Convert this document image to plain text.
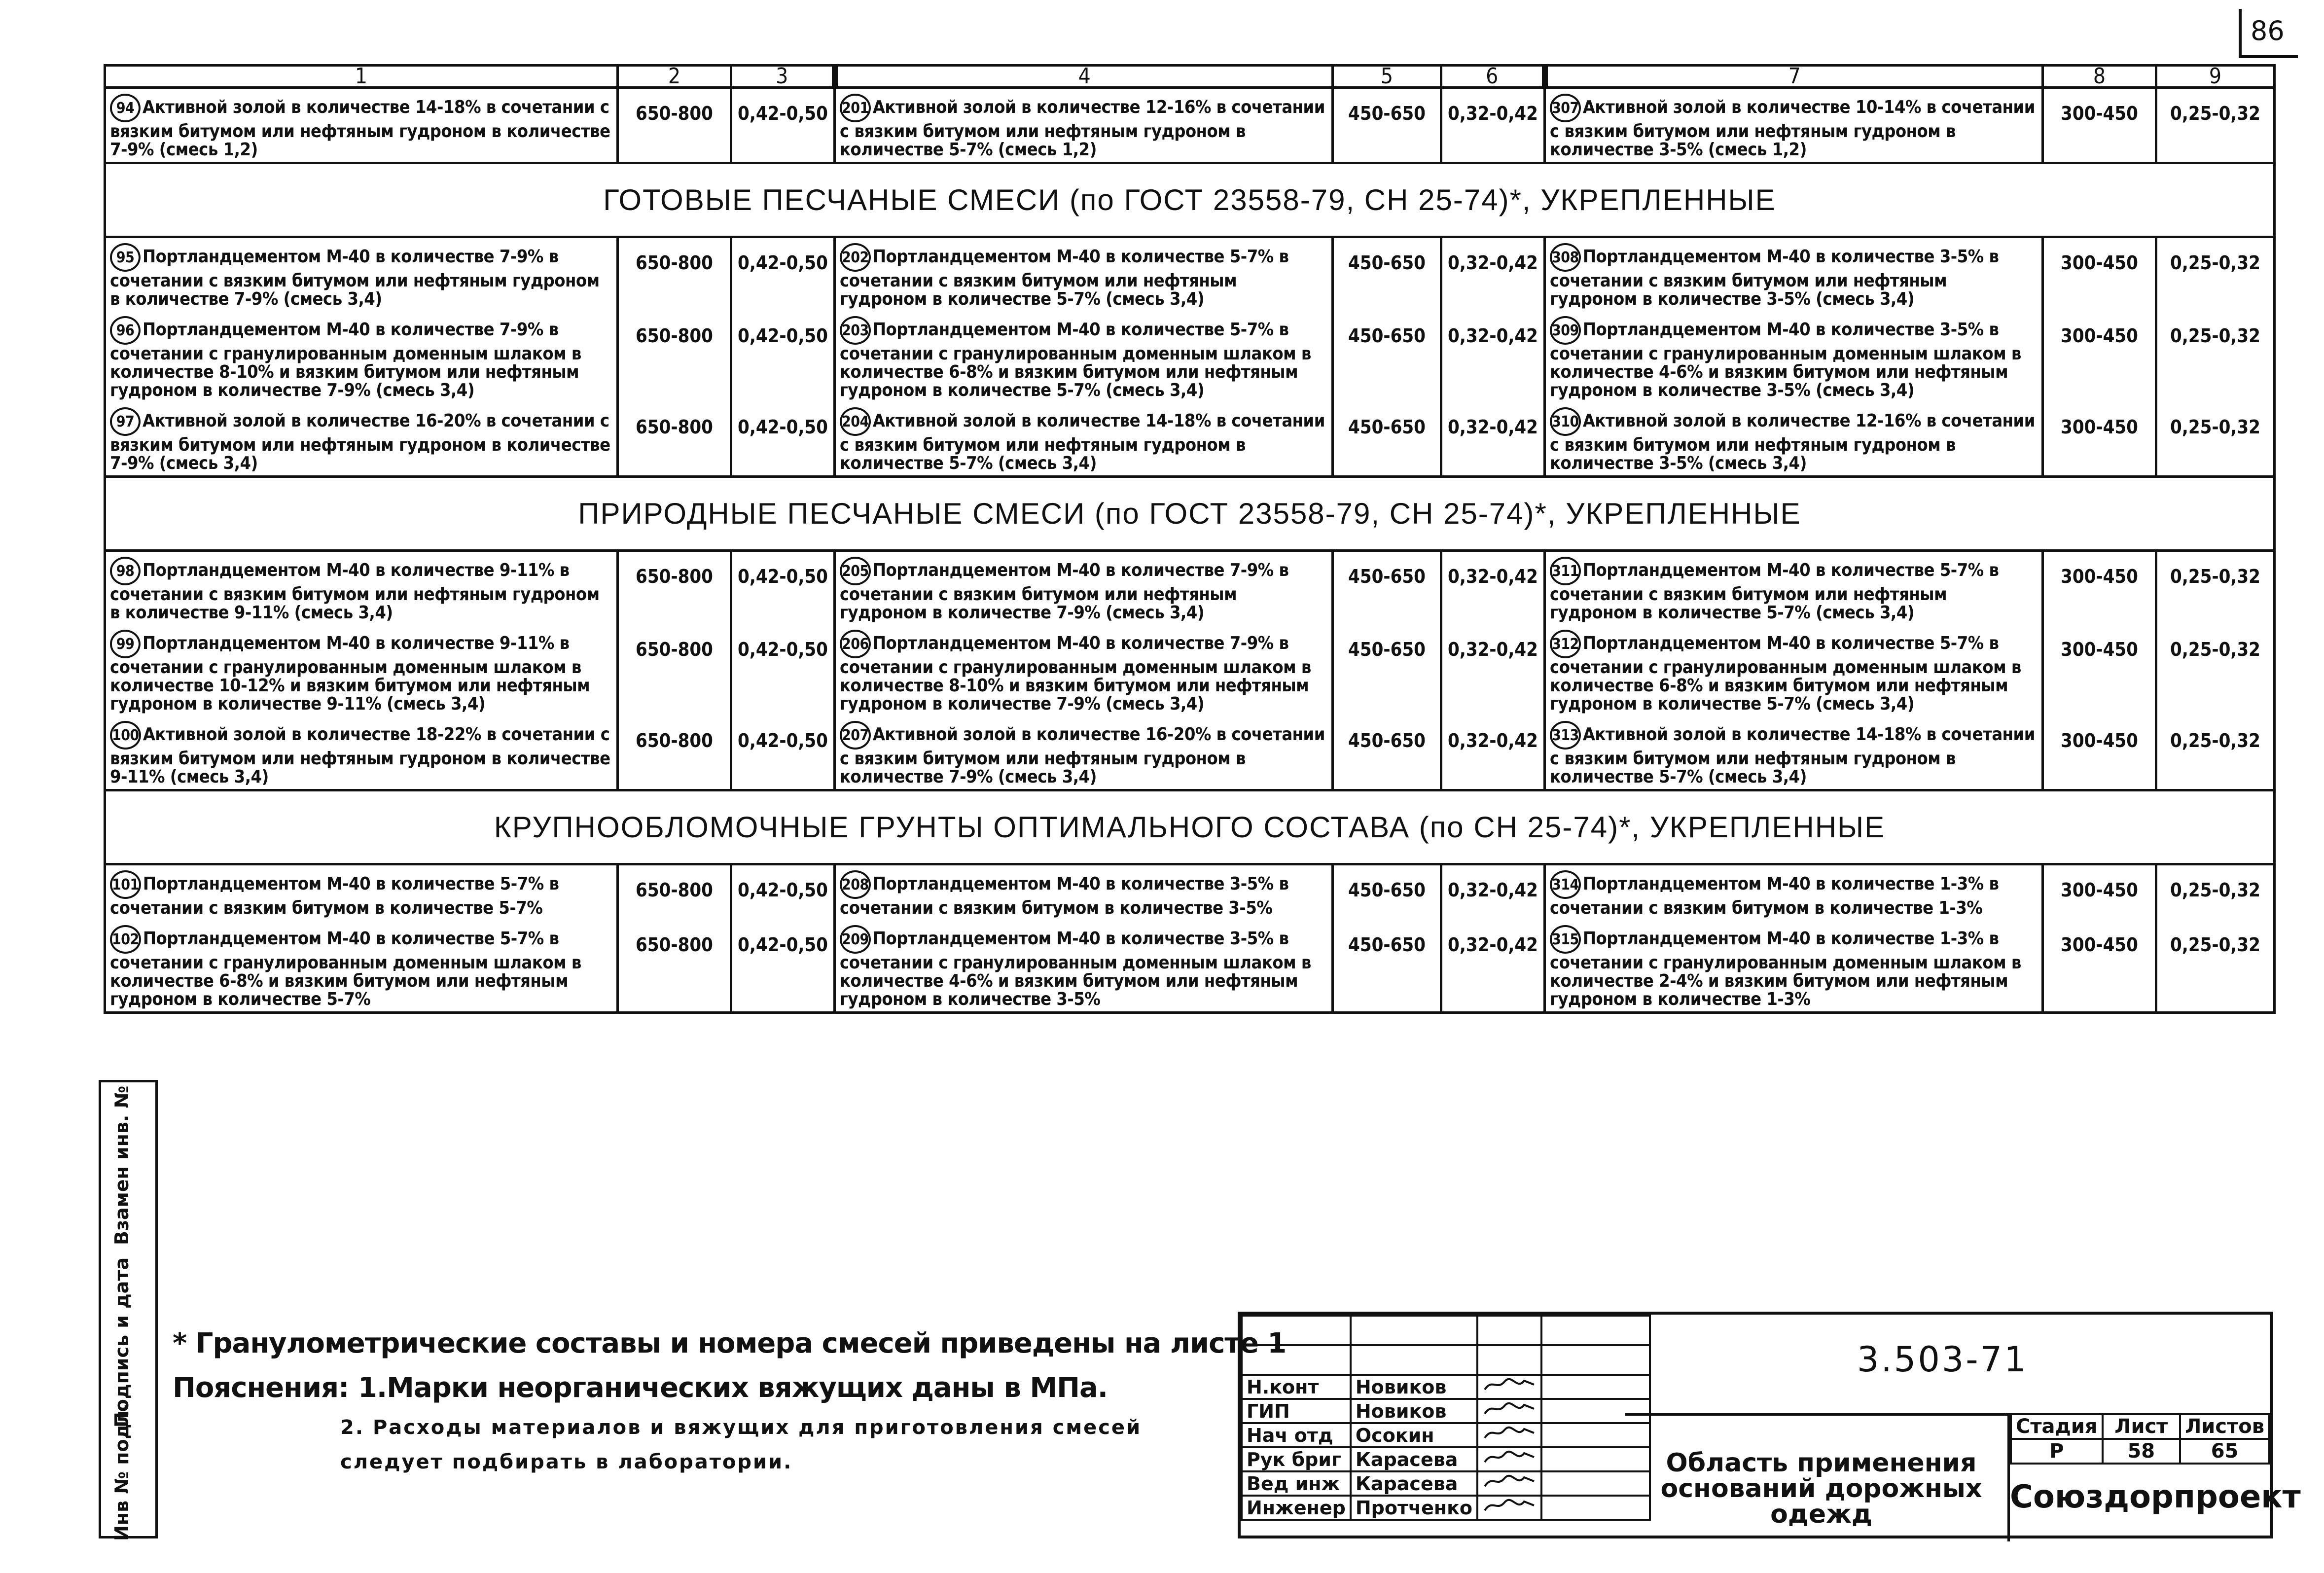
86
1	2	3	4	5	6	7	8	9
94 Активной золой в количестве 14-18% в сочетании с вязким битумом или нефтяным гудроном в количестве 7-9% (смесь 1,2)	650-800	0,42-0,50	201 Активной золой в количестве 12-16% в сочетании с вязким битумом или нефтяным гудроном в количестве 5-7% (смесь 1,2)	450-650	0,32-0,42	307 Активной золой в количестве 10-14% в сочетании с вязким битумом или нефтяным гудроном в количестве 3-5% (смесь 1,2)	300-450	0,25-0,32
ГОТОВЫЕ ПЕСЧАНЫЕ СМЕСИ (по ГОСТ 23558-79, СН 25-74)*, УКРЕПЛЕННЫЕ								
95 Портландцементом М-40 в количестве 7-9% в сочетании с вязким битумом или нефтяным гудроном в количестве 7-9% (смесь 3,4)	650-800	0,42-0,50	202 Портландцементом М-40 в количестве 5-7% в сочетании с вязким битумом или нефтяным гудроном в количестве 5-7% (смесь 3,4)	450-650	0,32-0,42	308 Портландцементом М-40 в количестве 3-5% в сочетании с вязким битумом или нефтяным гудроном в количестве 3-5% (смесь 3,4)	300-450	0,25-0,32
96 Портландцементом М-40 в количестве 7-9% в сочетании с гранулированным доменным шлаком в количестве 8-10% и вязким битумом или нефтяным гудроном в количестве 7-9% (смесь 3,4)	650-800	0,42-0,50	203 Портландцементом М-40 в количестве 5-7% в сочетании с гранулированным доменным шлаком в количестве 6-8% и вязким битумом или нефтяным гудроном в количестве 5-7% (смесь 3,4)	450-650	0,32-0,42	309 Портландцементом М-40 в количестве 3-5% в сочетании с гранулированным доменным шлаком в количестве 4-6% и вязким битумом или нефтяным гудроном в количестве 3-5% (смесь 3,4)	300-450	0,25-0,32
97 Активной золой в количестве 16-20% в сочетании с вязким битумом или нефтяным гудроном в количестве 7-9% (смесь 3,4)	650-800	0,42-0,50	204 Активной золой в количестве 14-18% в сочетании с вязким битумом или нефтяным гудроном в количестве 5-7% (смесь 3,4)	450-650	0,32-0,42	310 Активной золой в количестве 12-16% в сочетании с вязким битумом или нефтяным гудроном в количестве 3-5% (смесь 3,4)	300-450	0,25-0,32
ПРИРОДНЫЕ ПЕСЧАНЫЕ СМЕСИ (по ГОСТ 23558-79, СН 25-74)*, УКРЕПЛЕННЫЕ								
98 Портландцементом М-40 в количестве 9-11% в сочетании с вязким битумом или нефтяным гудроном в количестве 9-11% (смесь 3,4)	650-800	0,42-0,50	205 Портландцементом М-40 в количестве 7-9% в сочетании с вязким битумом или нефтяным гудроном в количестве 7-9% (смесь 3,4)	450-650	0,32-0,42	311 Портландцементом М-40 в количестве 5-7% в сочетании с вязким битумом или нефтяным гудроном в количестве 5-7% (смесь 3,4)	300-450	0,25-0,32
99 Портландцементом М-40 в количестве 9-11% в сочетании с гранулированным доменным шлаком в количестве 10-12% и вязким битумом или нефтяным гудроном в количестве 9-11% (смесь 3,4)	650-800	0,42-0,50	206 Портландцементом М-40 в количестве 7-9% в сочетании с гранулированным доменным шлаком в количестве 8-10% и вязким битумом или нефтяным гудроном в количестве 7-9% (смесь 3,4)	450-650	0,32-0,42	312 Портландцементом М-40 в количестве 5-7% в сочетании с гранулированным доменным шлаком в количестве 6-8% и вязким битумом или нефтяным гудроном в количестве 5-7% (смесь 3,4)	300-450	0,25-0,32
100 Активной золой в количестве 18-22% в сочетании с вязким битумом или нефтяным гудроном в количестве 9-11% (смесь 3,4)	650-800	0,42-0,50	207 Активной золой в количестве 16-20% в сочетании с вязким битумом или нефтяным гудроном в количестве 7-9% (смесь 3,4)	450-650	0,32-0,42	313 Активной золой в количестве 14-18% в сочетании с вязким битумом или нефтяным гудроном в количестве 5-7% (смесь 3,4)	300-450	0,25-0,32
КРУПНООБЛОМОЧНЫЕ ГРУНТЫ ОПТИМАЛЬНОГО СОСТАВА (по СН 25-74)*, УКРЕПЛЕННЫЕ								
101 Портландцементом М-40 в количестве 5-7% в сочетании с вязким битумом в количестве 5-7%	650-800	0,42-0,50	208 Портландцементом М-40 в количестве 3-5% в сочетании с вязким битумом в количестве 3-5%	450-650	0,32-0,42	314 Портландцементом М-40 в количестве 1-3% в сочетании с вязким битумом в количестве 1-3%	300-450	0,25-0,32
102 Портландцементом М-40 в количестве 5-7% в сочетании с гранулированным доменным шлаком в количестве 6-8% и вязким битумом или нефтяным гудроном в количестве 5-7%	650-800	0,42-0,50	209 Портландцементом М-40 в количестве 3-5% в сочетании с гранулированным доменным шлаком в количестве 4-6% и вязким битумом или нефтяным гудроном в количестве 3-5%	450-650	0,32-0,42	315 Портландцементом М-40 в количестве 1-3% в сочетании с гранулированным доменным шлаком в количестве 2-4% и вязким битумом или нефтяным гудроном в количестве 1-3%	300-450	0,25-0,32
* Гранулометрические составы и номера смесей приведены на листе 1
Пояснения: 1.Марки неорганических вяжущих даны в МПа.
2. Расходы материалов и вяжущих для приготовления смесей
следует подбирать в лаборатории.
Инв № подл.
Подпись и дата
Взамен инв. №

Н.конт	Новиков		
ГИП	Новиков		
Нач отд	Осокин		
Рук бриг	Карасева		
Вед инж	Карасева		
Инженер	Протченко		
3.503-71
Область применения оснований дорожных одежд
Стадия	Лист	Листов
Р	58	65
Союздорпроект
